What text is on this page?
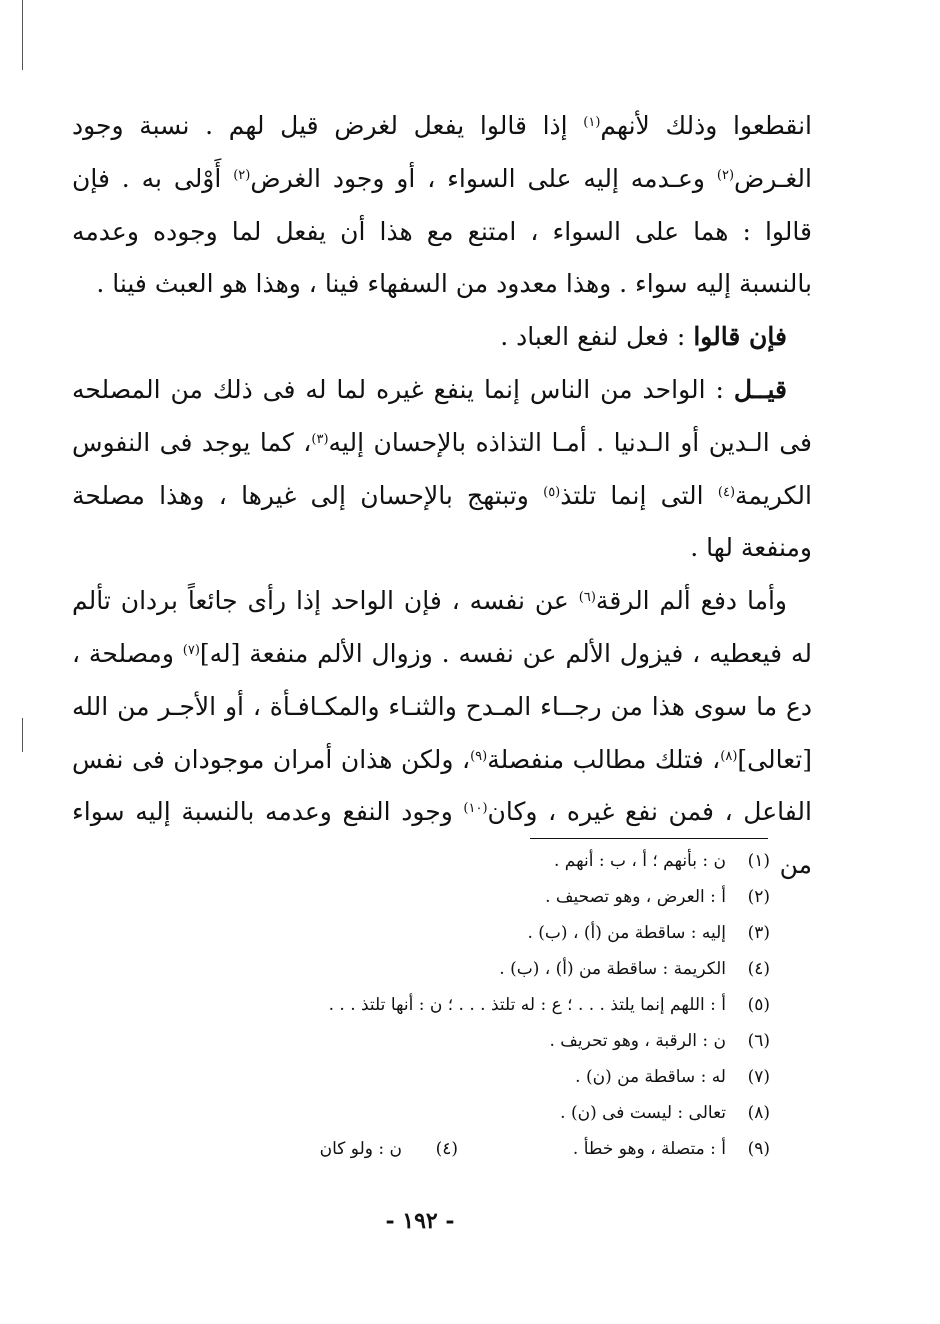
انقطعوا وذلك لأنهم$^{(١)}$ إذا قالوا يفعل لغرض قيل لهم . نسبة وجود الغـرض$^{(٢)}$ وعـدمه إليه على السواء ، أو وجود الغرض$^{(٢)}$ أَوْلى به . فإن قالوا : هما على السواء ، امتنع مع هذا أن يفعل لما وجوده وعدمه بالنسبة إليه سواء . وهذا معدود من السفهاء فينا ، وهذا هو العبث فينا .

 فإن قالوا : فعل لنفع العباد .

 قيــل : الواحد من الناس إنما ينفع غيره لما له فى ذلك من المصلحه فى الـدين أو الـدنيا . أمـا التذاذه بالإحسان إليه$^{(٣)}$، كما يوجد فى النفوس الكريمة$^{(٤)}$ التى إنما تلتذ$^{(٥)}$ وتبتهج بالإحسان إلى غيرها ، وهذا مصلحة ومنفعة لها .

 وأما دفع ألم الرقة$^{(٦)}$ عن نفسه ، فإن الواحد إذا رأى جائعاً بردان تألم له فيعطيه ، فيزول الألم عن نفسه . وزوال الألم منفعة [له]$^{(٧)}$ ومصلحة ، دع ما سوى هذا من رجــاء المـدح والثنـاء والمكـافـأة ، أو الأجـر من الله [تعالى]$^{(٨)}$، فتلك مطالب منفصلة$^{(٩)}$، ولكن هذان أمران موجودان فى نفس الفاعل ، فمن نفع غيره ، وكان$^{(١٠)}$ وجود النفع وعدمه بالنسبة إليه سواء من

(١)
ن : بأنهم ؛ أ ، ب : أنهم .
(٢)
أ : العرض ، وهو تصحيف .
(٣)
إليه : ساقطة من (أ) ، (ب) .
(٤)
الكريمة : ساقطة من (أ) ، (ب) .
(٥)
أ : اللهم إنما يلتذ . . . ؛ ع : له تلتذ . . . ؛ ن : أنها تلتذ . . .
(٦)
ن : الرقبة ، وهو تحريف .
(٧)
له : ساقطة من (ن) .
(٨)
تعالى : ليست فى (ن) .
(٩)
أ : متصلة ، وهو خطأ .
(٤)
ن : ولو كان
- ١٩٢ -
